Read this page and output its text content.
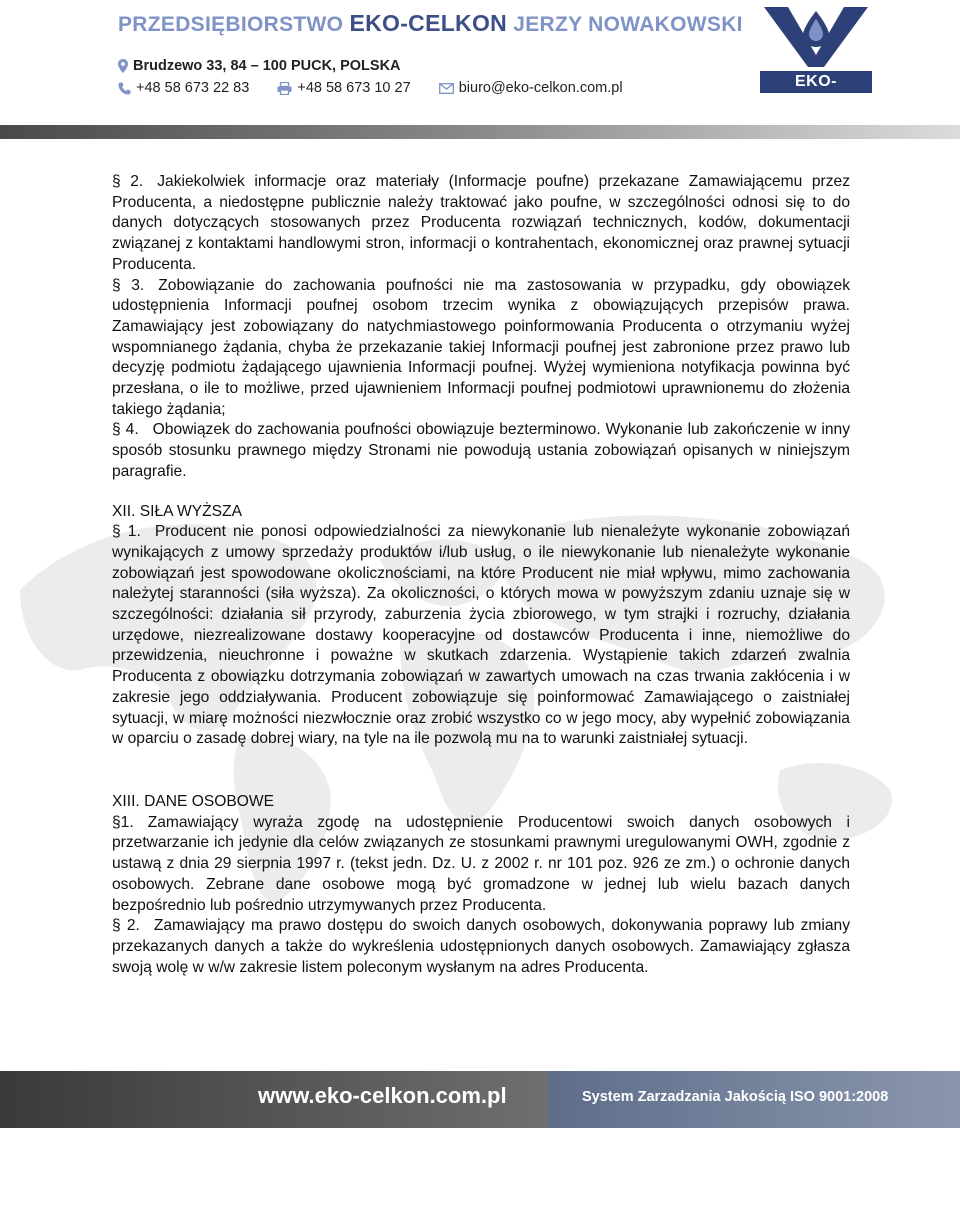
PRZEDSIĘBIORSTWO EKO-CELKON JERZY NOWAKOWSKI
Brudzewo 33, 84 – 100 PUCK, POLSKA
+48 58 673 22 83	+48 58 673 10 27	biuro@eko-celkon.com.pl	EKO-CELKON

§ 2. Jakiekolwiek informacje oraz materiały (Informacje poufne) przekazane Zamawiającemu przez Producenta, a niedostępne publicznie należy traktować jako poufne, w szczególności odnosi się to do danych dotyczących stosowanych przez Producenta rozwiązań technicznych, kodów, dokumentacji związanej z kontaktami handlowymi stron, informacji o kontrahentach, ekonomicznej oraz prawnej sytuacji Producenta.

§ 3. Zobowiązanie do zachowania poufności nie ma zastosowania w przypadku, gdy obowiązek udostępnienia Informacji poufnej osobom trzecim wynika z obowiązujących przepisów prawa. Zamawiający jest zobowiązany do natychmiastowego poinformowania Producenta o otrzymaniu wyżej wspomnianego żądania, chyba że przekazanie takiej Informacji poufnej jest zabronione przez prawo lub decyzję podmiotu żądającego ujawnienia Informacji poufnej. Wyżej wymieniona notyfikacja powinna być przesłana, o ile to możliwe, przed ujawnieniem Informacji poufnej podmiotowi uprawnionemu do złożenia takiego żądania;

§ 4. Obowiązek do zachowania poufności obowiązuje bezterminowo. Wykonanie lub zakończenie w inny sposób stosunku prawnego między Stronami nie powodują ustania zobowiązań opisanych w niniejszym paragrafie.

XII. SIŁA WYŻSZA

§ 1. Producent nie ponosi odpowiedzialności za niewykonanie lub nienależyte wykonanie zobowiązań wynikających z umowy sprzedaży produktów i/lub usług, o ile niewykonanie lub nienależyte wykonanie zobowiązań jest spowodowane okolicznościami, na które Producent nie miał wpływu, mimo zachowania należytej staranności (siła wyższa). Za okoliczności, o których mowa w powyższym zdaniu uznaje się w szczególności: działania sił przyrody, zaburzenia życia zbiorowego, w tym strajki i rozruchy, działania urzędowe, niezrealizowane dostawy kooperacyjne od dostawców Producenta i inne, niemożliwe do przewidzenia, nieuchronne i poważne w skutkach zdarzenia. Wystąpienie takich zdarzeń zwalnia Producenta z obowiązku dotrzymania zobowiązań w zawartych umowach na czas trwania zakłócenia i w zakresie jego oddziaływania. Producent zobowiązuje się poinformować Zamawiającego o zaistniałej sytuacji, w miarę możności niezwłocznie oraz zrobić wszystko co w jego mocy, aby wypełnić zobowiązania w oparciu o zasadę dobrej wiary, na tyle na ile pozwolą mu na to warunki zaistniałej sytuacji.

XIII. DANE OSOBOWE

§1. Zamawiający wyraża zgodę na udostępnienie Producentowi swoich danych osobowych i przetwarzanie ich jedynie dla celów związanych ze stosunkami prawnymi uregulowanymi OWH, zgodnie z ustawą z dnia 29 sierpnia 1997 r. (tekst jedn. Dz. U. z 2002 r. nr 101 poz. 926 ze zm.) o ochronie danych osobowych. Zebrane dane osobowe mogą być gromadzone w jednej lub wielu bazach danych bezpośrednio lub pośrednio utrzymywanych przez Producenta.

§ 2. Zamawiający ma prawo dostępu do swoich danych osobowych, dokonywania poprawy lub zmiany przekazanych danych a także do wykreślenia udostępnionych danych osobowych. Zamawiający zgłasza swoją wolę w w/w zakresie listem poleconym wysłanym na adres Producenta.

www.eko-celkon.com.pl	System Zarzadzania Jakością ISO 9001:2008
